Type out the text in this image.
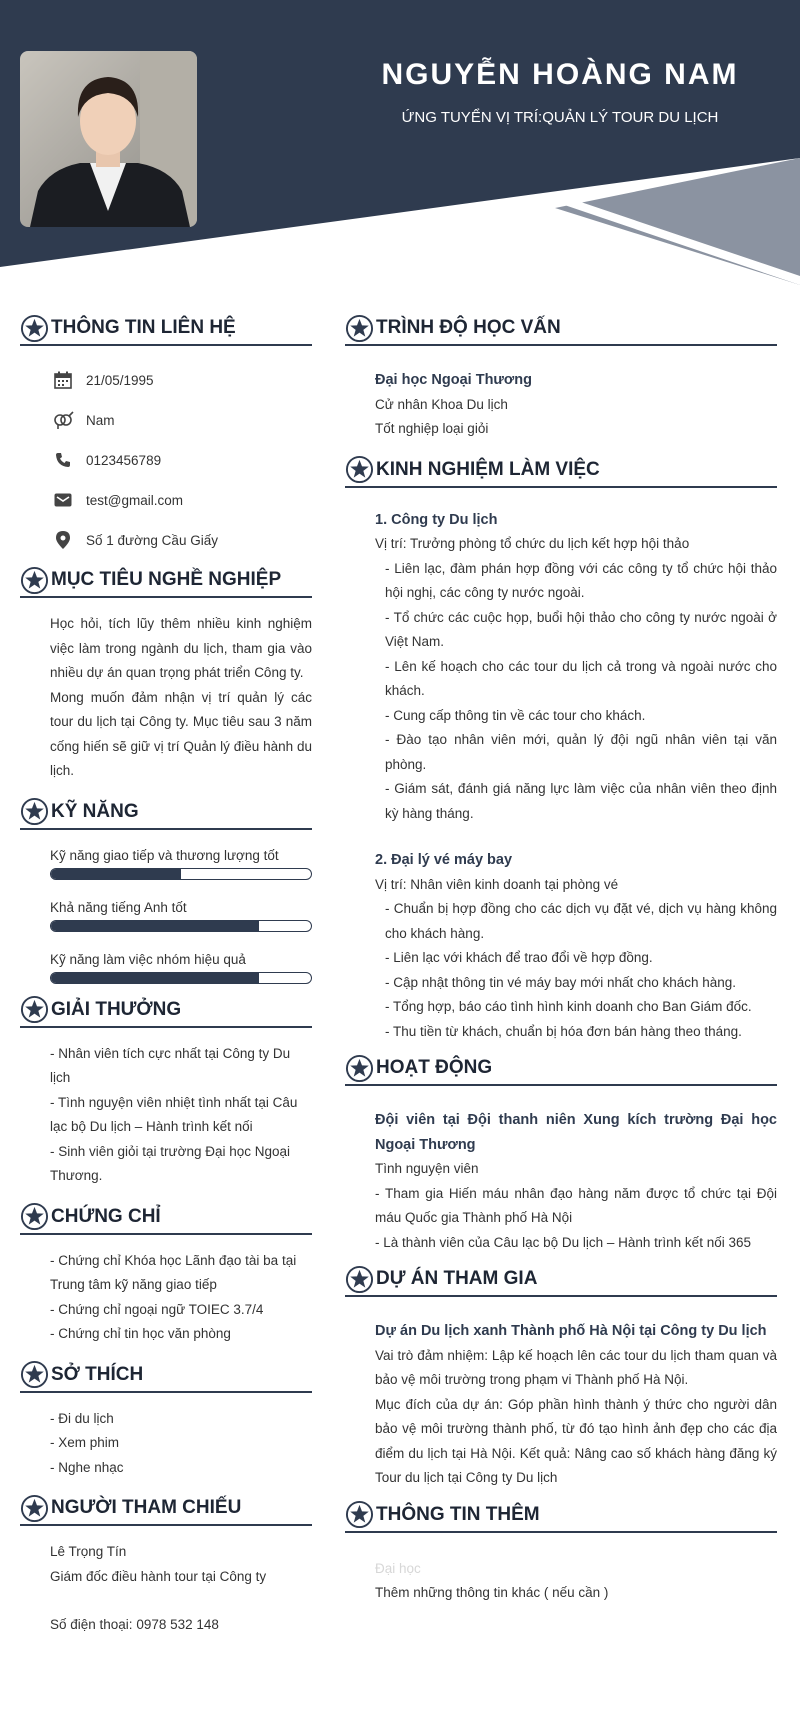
NGUYỄN HOÀNG NAM
ỨNG TUYỂN VỊ TRÍ:QUẢN LÝ TOUR DU LỊCH
THÔNG TIN LIÊN HỆ
21/05/1995
Nam
0123456789
test@gmail.com
Số 1 đường Cầu Giấy
MỤC TIÊU NGHỀ NGHIỆP
Học hỏi, tích lũy thêm nhiều kinh nghiệm việc làm trong ngành du lịch, tham gia vào nhiều dự án quan trọng phát triển Công ty.
Mong muốn đảm nhận vị trí quản lý các tour du lịch tại Công ty. Mục tiêu sau 3 năm cống hiến sẽ giữ vị trí Quản lý điều hành du lịch.
KỸ NĂNG
Kỹ năng giao tiếp và thương lượng tốt
Khả năng tiếng Anh tốt
Kỹ năng làm việc nhóm hiệu quả
GIẢI THƯỞNG
- Nhân viên tích cực nhất tại Công ty Du lịch
- Tình nguyện viên nhiệt tình nhất tại Câu lạc bộ Du lịch – Hành trình kết nối
- Sinh viên giỏi tại trường Đại học Ngoại Thương.
CHỨNG CHỈ
- Chứng chỉ Khóa học Lãnh đạo tài ba tại Trung tâm kỹ năng giao tiếp
- Chứng chỉ ngoại ngữ TOIEC 3.7/4
- Chứng chỉ tin học văn phòng
SỞ THÍCH
- Đi du lịch
- Xem phim
- Nghe nhạc
NGƯỜI THAM CHIẾU
Lê Trọng Tín
Giám đốc điều hành tour tại Công ty
Số điện thoại: 0978 532 148
TRÌNH ĐỘ HỌC VẤN
Đại học Ngoại Thương
Cử nhân Khoa Du lịch
Tốt nghiệp loại giỏi
KINH NGHIỆM LÀM VIỆC
1. Công ty Du lịch
Vị trí: Trưởng phòng tổ chức du lịch kết hợp hội thảo
- Liên lạc, đàm phán hợp đồng với các công ty tổ chức hội thảo hội nghị, các công ty nước ngoài.
- Tổ chức các cuộc họp, buổi hội thảo cho công ty nước ngoài ở Việt Nam.
- Lên kế hoạch cho các tour du lịch cả trong và ngoài nước cho khách.
- Cung cấp thông tin về các tour cho khách.
- Đào tạo nhân viên mới, quản lý đội ngũ nhân viên tại văn phòng.
- Giám sát, đánh giá năng lực làm việc của nhân viên theo định kỳ hàng tháng.
2. Đại lý vé máy bay
Vị trí: Nhân viên kinh doanh tại phòng vé
- Chuẩn bị hợp đồng cho các dịch vụ đặt vé, dịch vụ hàng không cho khách hàng.
- Liên lạc với khách để trao đổi về hợp đồng.
- Cập nhật thông tin vé máy bay mới nhất cho khách hàng.
- Tổng hợp, báo cáo tình hình kinh doanh cho Ban Giám đốc.
- Thu tiền từ khách, chuẩn bị hóa đơn bán hàng theo tháng.
HOẠT ĐỘNG
Đội viên tại Đội thanh niên Xung kích trường Đại học Ngoại Thương
Tình nguyện viên
- Tham gia Hiến máu nhân đạo hàng năm được tổ chức tại Đội máu Quốc gia Thành phố Hà Nội
- Là thành viên của Câu lạc bộ Du lịch – Hành trình kết nối 365
DỰ ÁN THAM GIA
Dự án Du lịch xanh Thành phố Hà Nội tại Công ty Du lịch
Vai trò đảm nhiệm: Lập kế hoạch lên các tour du lịch tham quan và bảo vệ môi trường trong phạm vi Thành phố Hà Nội.
Mục đích của dự án: Góp phần hình thành ý thức cho người dân bảo vệ môi trường thành phố, từ đó tạo hình ảnh đẹp cho các địa điểm du lịch tại Hà Nội. Kết quả: Nâng cao số khách hàng đăng ký Tour du lịch tại Công ty Du lịch
THÔNG TIN THÊM
Đại học
Thêm những thông tin khác ( nếu cần )
